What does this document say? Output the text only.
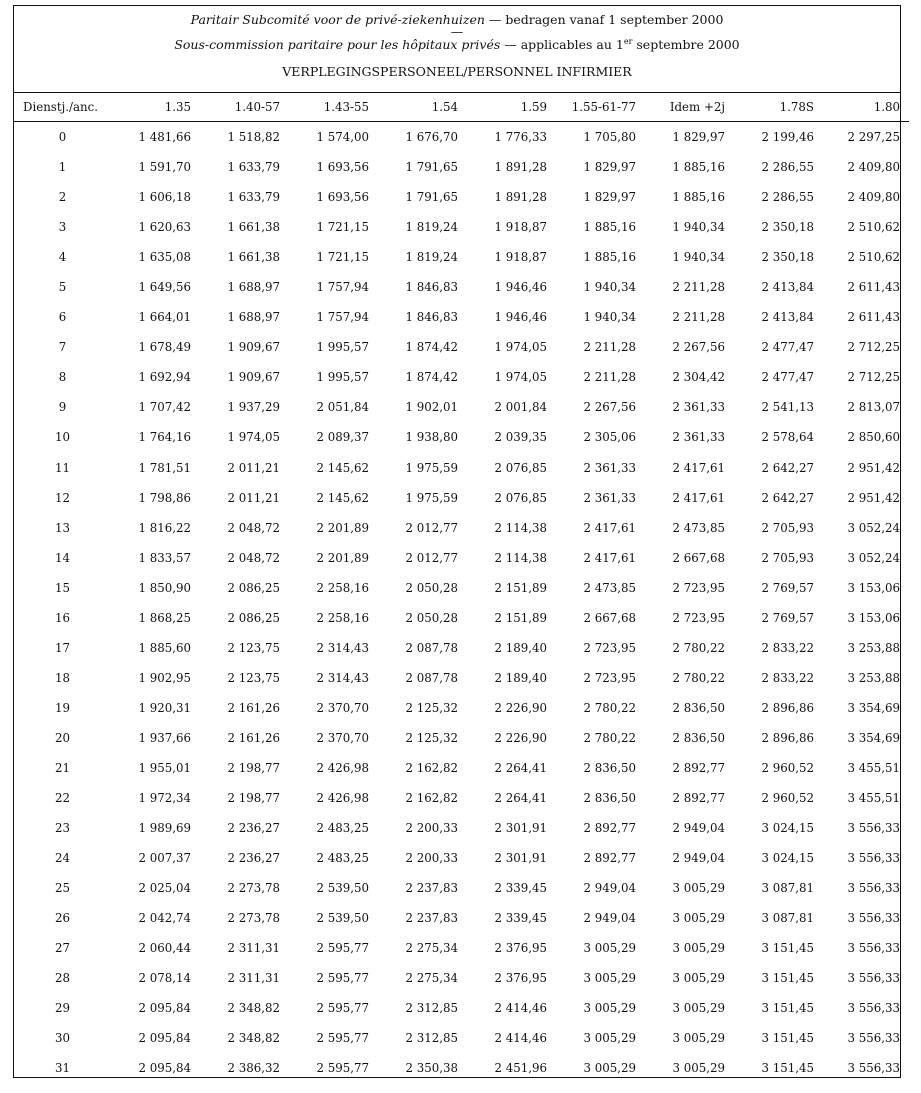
Paritair Subcomité voor de privé-ziekenhuizen — bedragen vanaf 1 september 2000
—
Sous-commission paritaire pour les hôpitaux privés — applicables au 1er septembre 2000
VERPLEGINGSPERSONEEL/PERSONNEL INFIRMIER
Dienstj./anc.	1.35	1.40-57	1.43-55	1.54	1.59	1.55-61-77	Idem +2j	1.78S	1.80
0	1 481,66	1 518,82	1 574,00	1 676,70	1 776,33	1 705,80	1 829,97	2 199,46	2 297,25
1	1 591,70	1 633,79	1 693,56	1 791,65	1 891,28	1 829,97	1 885,16	2 286,55	2 409,80
2	1 606,18	1 633,79	1 693,56	1 791,65	1 891,28	1 829,97	1 885,16	2 286,55	2 409,80
3	1 620,63	1 661,38	1 721,15	1 819,24	1 918,87	1 885,16	1 940,34	2 350,18	2 510,62
4	1 635,08	1 661,38	1 721,15	1 819,24	1 918,87	1 885,16	1 940,34	2 350,18	2 510,62
5	1 649,56	1 688,97	1 757,94	1 846,83	1 946,46	1 940,34	2 211,28	2 413,84	2 611,43
6	1 664,01	1 688,97	1 757,94	1 846,83	1 946,46	1 940,34	2 211,28	2 413,84	2 611,43
7	1 678,49	1 909,67	1 995,57	1 874,42	1 974,05	2 211,28	2 267,56	2 477,47	2 712,25
8	1 692,94	1 909,67	1 995,57	1 874,42	1 974,05	2 211,28	2 304,42	2 477,47	2 712,25
9	1 707,42	1 937,29	2 051,84	1 902,01	2 001,84	2 267,56	2 361,33	2 541,13	2 813,07
10	1 764,16	1 974,05	2 089,37	1 938,80	2 039,35	2 305,06	2 361,33	2 578,64	2 850,60
11	1 781,51	2 011,21	2 145,62	1 975,59	2 076,85	2 361,33	2 417,61	2 642,27	2 951,42
12	1 798,86	2 011,21	2 145,62	1 975,59	2 076,85	2 361,33	2 417,61	2 642,27	2 951,42
13	1 816,22	2 048,72	2 201,89	2 012,77	2 114,38	2 417,61	2 473,85	2 705,93	3 052,24
14	1 833,57	2 048,72	2 201,89	2 012,77	2 114,38	2 417,61	2 667,68	2 705,93	3 052,24
15	1 850,90	2 086,25	2 258,16	2 050,28	2 151,89	2 473,85	2 723,95	2 769,57	3 153,06
16	1 868,25	2 086,25	2 258,16	2 050,28	2 151,89	2 667,68	2 723,95	2 769,57	3 153,06
17	1 885,60	2 123,75	2 314,43	2 087,78	2 189,40	2 723,95	2 780,22	2 833,22	3 253,88
18	1 902,95	2 123,75	2 314,43	2 087,78	2 189,40	2 723,95	2 780,22	2 833,22	3 253,88
19	1 920,31	2 161,26	2 370,70	2 125,32	2 226,90	2 780,22	2 836,50	2 896,86	3 354,69
20	1 937,66	2 161,26	2 370,70	2 125,32	2 226,90	2 780,22	2 836,50	2 896,86	3 354,69
21	1 955,01	2 198,77	2 426,98	2 162,82	2 264,41	2 836,50	2 892,77	2 960,52	3 455,51
22	1 972,34	2 198,77	2 426,98	2 162,82	2 264,41	2 836,50	2 892,77	2 960,52	3 455,51
23	1 989,69	2 236,27	2 483,25	2 200,33	2 301,91	2 892,77	2 949,04	3 024,15	3 556,33
24	2 007,37	2 236,27	2 483,25	2 200,33	2 301,91	2 892,77	2 949,04	3 024,15	3 556,33
25	2 025,04	2 273,78	2 539,50	2 237,83	2 339,45	2 949,04	3 005,29	3 087,81	3 556,33
26	2 042,74	2 273,78	2 539,50	2 237,83	2 339,45	2 949,04	3 005,29	3 087,81	3 556,33
27	2 060,44	2 311,31	2 595,77	2 275,34	2 376,95	3 005,29	3 005,29	3 151,45	3 556,33
28	2 078,14	2 311,31	2 595,77	2 275,34	2 376,95	3 005,29	3 005,29	3 151,45	3 556,33
29	2 095,84	2 348,82	2 595,77	2 312,85	2 414,46	3 005,29	3 005,29	3 151,45	3 556,33
30	2 095,84	2 348,82	2 595,77	2 312,85	2 414,46	3 005,29	3 005,29	3 151,45	3 556,33
31	2 095,84	2 386,32	2 595,77	2 350,38	2 451,96	3 005,29	3 005,29	3 151,45	3 556,33
